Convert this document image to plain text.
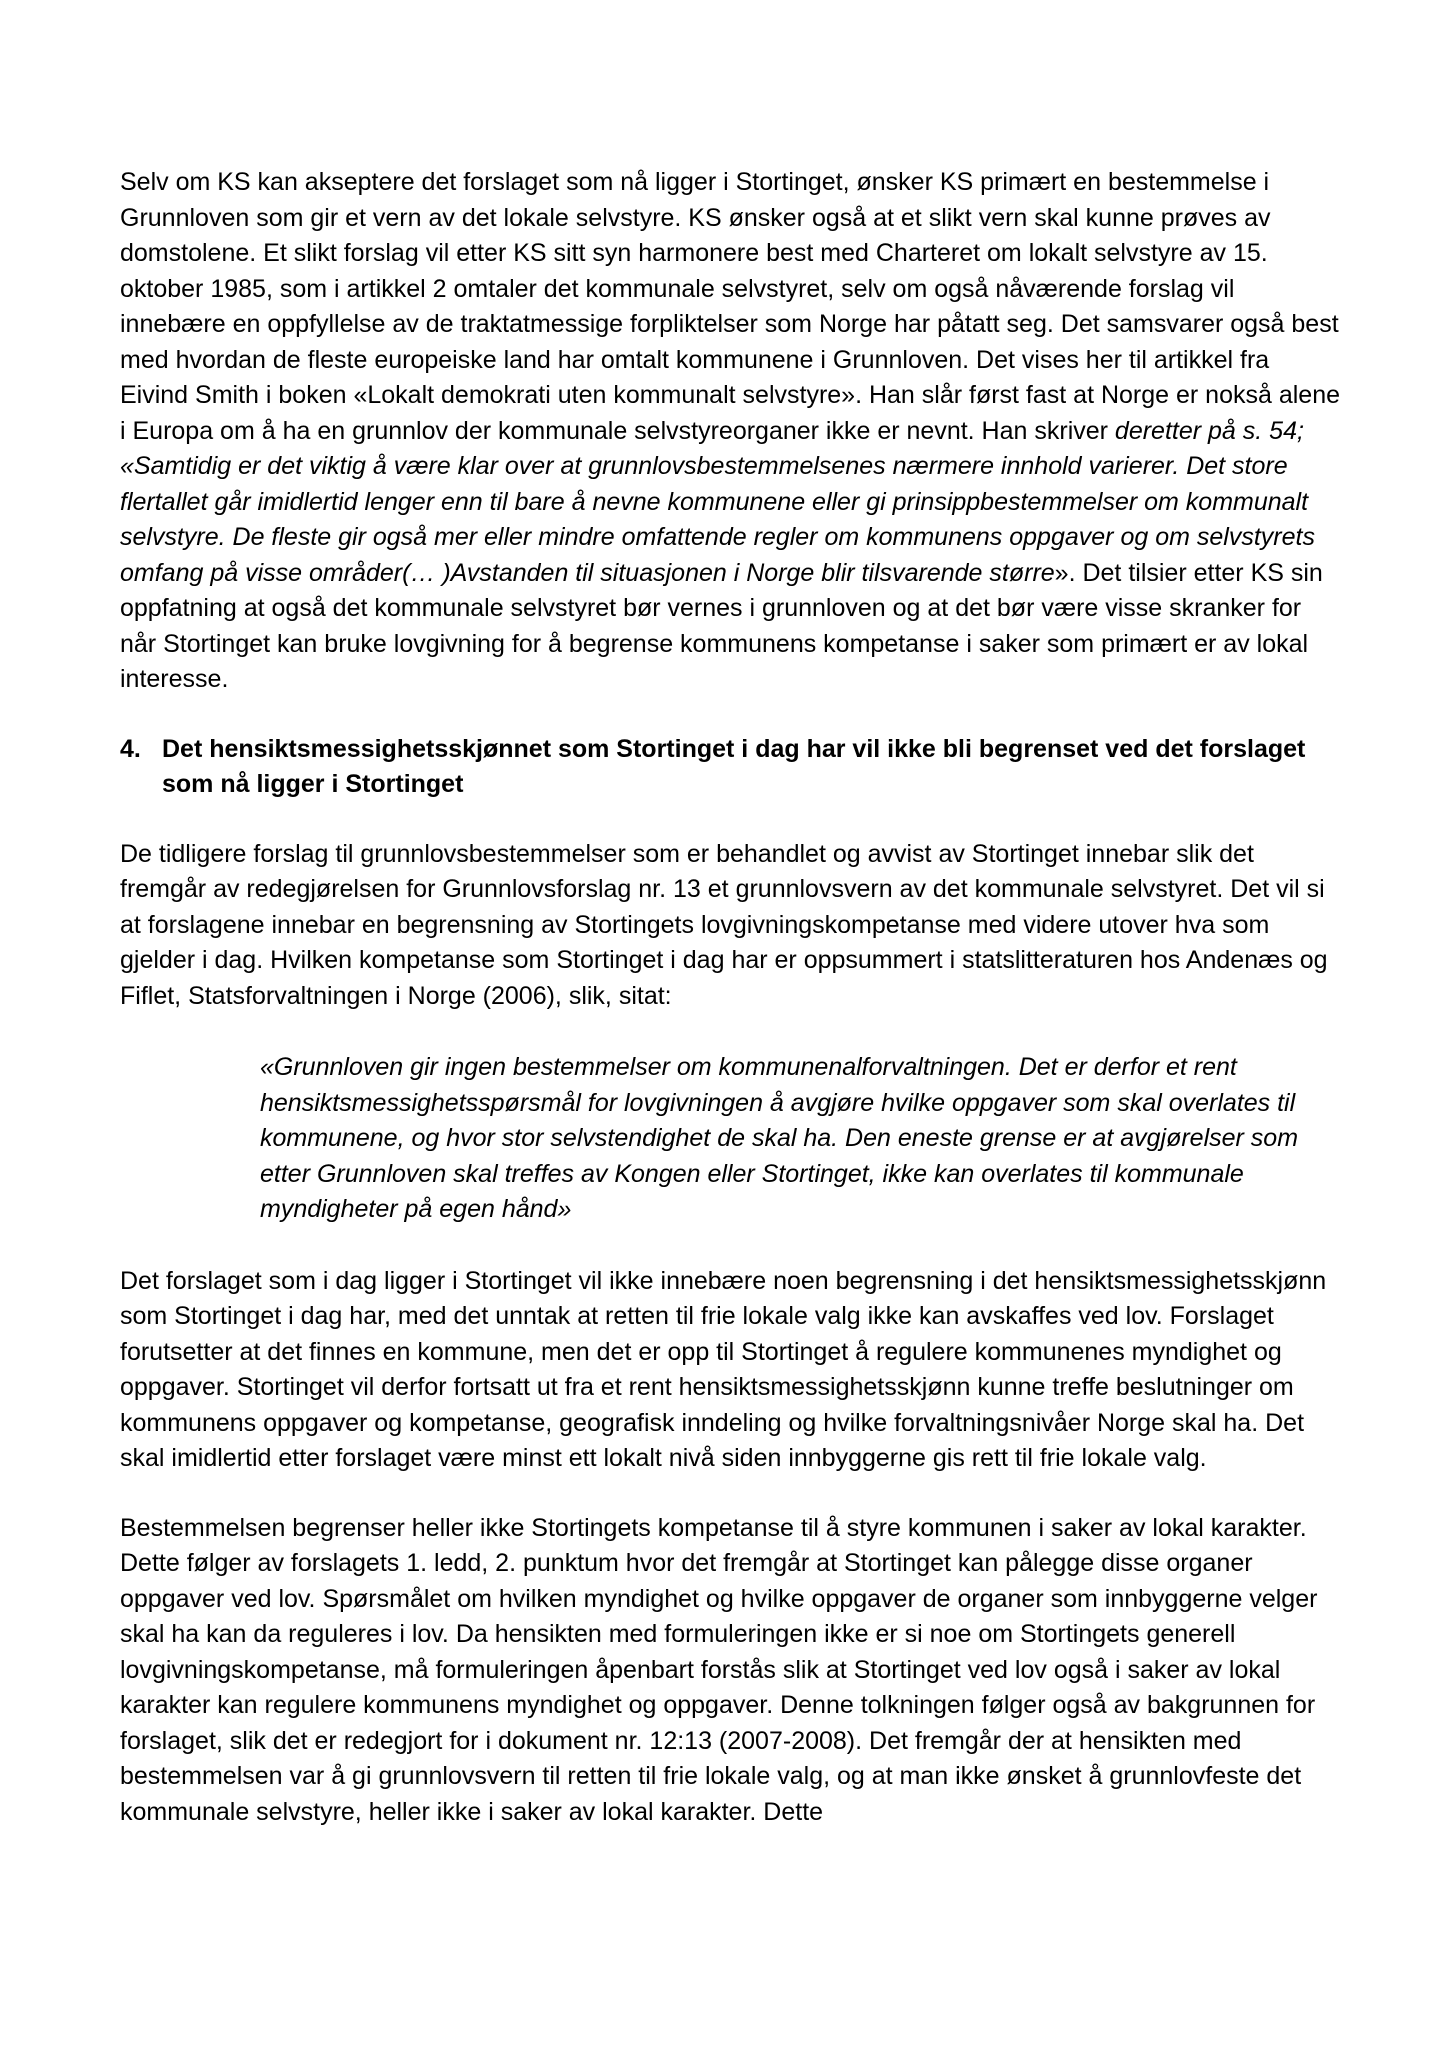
Selv om KS kan akseptere det forslaget som nå ligger i Stortinget, ønsker KS primært en bestemmelse i Grunnloven som gir et vern av det lokale selvstyre. KS ønsker også at et slikt vern skal kunne prøves av domstolene. Et slikt forslag vil etter KS sitt syn harmonere best med Charteret om lokalt selvstyre av 15. oktober 1985, som i artikkel 2 omtaler det kommunale selvstyret, selv om også nåværende forslag vil innebære en oppfyllelse av de traktatmessige forpliktelser som Norge har påtatt seg. Det samsvarer også best med hvordan de fleste europeiske land har omtalt kommunene i Grunnloven. Det vises her til artikkel fra Eivind Smith i boken «Lokalt demokrati uten kommunalt selvstyre». Han slår først fast at Norge er nokså alene i Europa om å ha en grunnlov der kommunale selvstyreorganer ikke er nevnt. Han skriver deretter på s. 54; «Samtidig er det viktig å være klar over at grunnlovsbestemmelsenes nærmere innhold varierer. Det store flertallet går imidlertid lenger enn til bare å nevne kommunene eller gi prinsippbestemmelser om kommunalt selvstyre. De fleste gir også mer eller mindre omfattende regler om kommunens oppgaver og om selvstyrets omfang på visse områder(… )Avstanden til situasjonen i Norge blir tilsvarende større». Det tilsier etter KS sin oppfatning at også det kommunale selvstyret bør vernes i grunnloven og at det bør være visse skranker for når Stortinget kan bruke lovgivning for å begrense kommunens kompetanse i saker som primært er av lokal interesse.

4. Det hensiktsmessighetsskjønnet som Stortinget i dag har vil ikke bli begrenset ved det forslaget som nå ligger i Stortinget

De tidligere forslag til grunnlovsbestemmelser som er behandlet og avvist av Stortinget innebar slik det fremgår av redegjørelsen for Grunnlovsforslag nr. 13 et grunnlovsvern av det kommunale selvstyret. Det vil si at forslagene innebar en begrensning av Stortingets lovgivningskompetanse med videre utover hva som gjelder i dag. Hvilken kompetanse som Stortinget i dag har er oppsummert i statslitteraturen hos Andenæs og Fiflet, Statsforvaltningen i Norge (2006), slik, sitat:

«Grunnloven gir ingen bestemmelser om kommunenalforvaltningen. Det er derfor et rent hensiktsmessighetsspørsmål for lovgivningen å avgjøre hvilke oppgaver som skal overlates til kommunene, og hvor stor selvstendighet de skal ha. Den eneste grense er at avgjørelser som etter Grunnloven skal treffes av Kongen eller Stortinget, ikke kan overlates til kommunale myndigheter på egen hånd»

Det forslaget som i dag ligger i Stortinget vil ikke innebære noen begrensning i det hensiktsmessighetsskjønn som Stortinget i dag har, med det unntak at retten til frie lokale valg ikke kan avskaffes ved lov. Forslaget forutsetter at det finnes en kommune, men det er opp til Stortinget å regulere kommunenes myndighet og oppgaver. Stortinget vil derfor fortsatt ut fra et rent hensiktsmessighetsskjønn kunne treffe beslutninger om kommunens oppgaver og kompetanse, geografisk inndeling og hvilke forvaltningsnivåer Norge skal ha. Det skal imidlertid etter forslaget være minst ett lokalt nivå siden innbyggerne gis rett til frie lokale valg.

Bestemmelsen begrenser heller ikke Stortingets kompetanse til å styre kommunen i saker av lokal karakter. Dette følger av forslagets 1. ledd, 2. punktum hvor det fremgår at Stortinget kan pålegge disse organer oppgaver ved lov. Spørsmålet om hvilken myndighet og hvilke oppgaver de organer som innbyggerne velger skal ha kan da reguleres i lov. Da hensikten med formuleringen ikke er si noe om Stortingets generell lovgivningskompetanse, må formuleringen åpenbart forstås slik at Stortinget ved lov også i saker av lokal karakter kan regulere kommunens myndighet og oppgaver. Denne tolkningen følger også av bakgrunnen for forslaget, slik det er redegjort for i dokument nr. 12:13 (2007-2008). Det fremgår der at hensikten med bestemmelsen var å gi grunnlovsvern til retten til frie lokale valg, og at man ikke ønsket å grunnlovfeste det kommunale selvstyre, heller ikke i saker av lokal karakter. Dette
